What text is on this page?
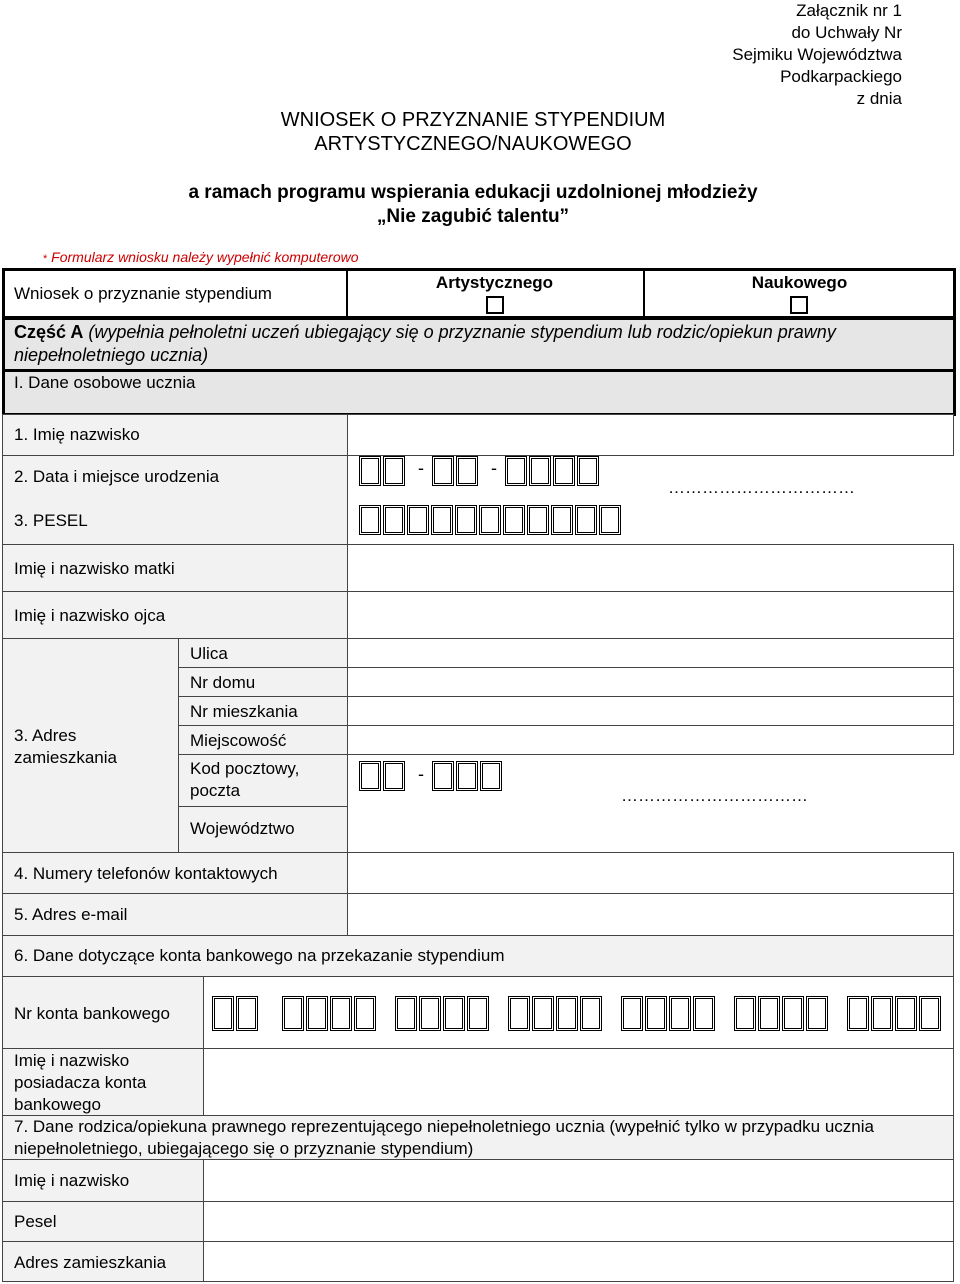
Załącznik nr 1
do Uchwały Nr
Sejmiku Województwa
Podkarpackiego
z dnia
WNIOSEK O PRZYZNANIE STYPENDIUM
ARTYSTYCZNEGO/NAUKOWEGO
a ramach programu wspierania edukacji uzdolnionej młodzieży
„Nie zagubić talentu”
* Formularz wniosku należy wypełnić komputerowo
Wniosek o przyznanie stypendium
Artystycznego	Naukowego
Część A (wypełnia pełnoletni uczeń ubiegający się o przyznanie stypendium lub rodzic/opiekun prawny niepełnoletniego ucznia)
I. Dane osobowe ucznia
1. Imię nazwisko
2. Data i miejsce urodzenia
3. PESEL
-	-
……………………………
Imię i nazwisko matki
Imię i nazwisko ojca
3. Adres zamieszkania
Ulica
Nr domu
Nr mieszkania
Miejscowość
Kod pocztowy, poczta
Województwo
-
……………………………
4. Numery telefonów kontaktowych
5. Adres e-mail
6. Dane dotyczące konta bankowego na przekazanie stypendium
Nr konta bankowego
Imię i nazwisko posiadacza konta bankowego
7. Dane rodzica/opiekuna prawnego reprezentującego niepełnoletniego ucznia (wypełnić tylko w przypadku ucznia niepełnoletniego, ubiegającego się o przyznanie stypendium)
Imię i nazwisko
Pesel
Adres zamieszkania
